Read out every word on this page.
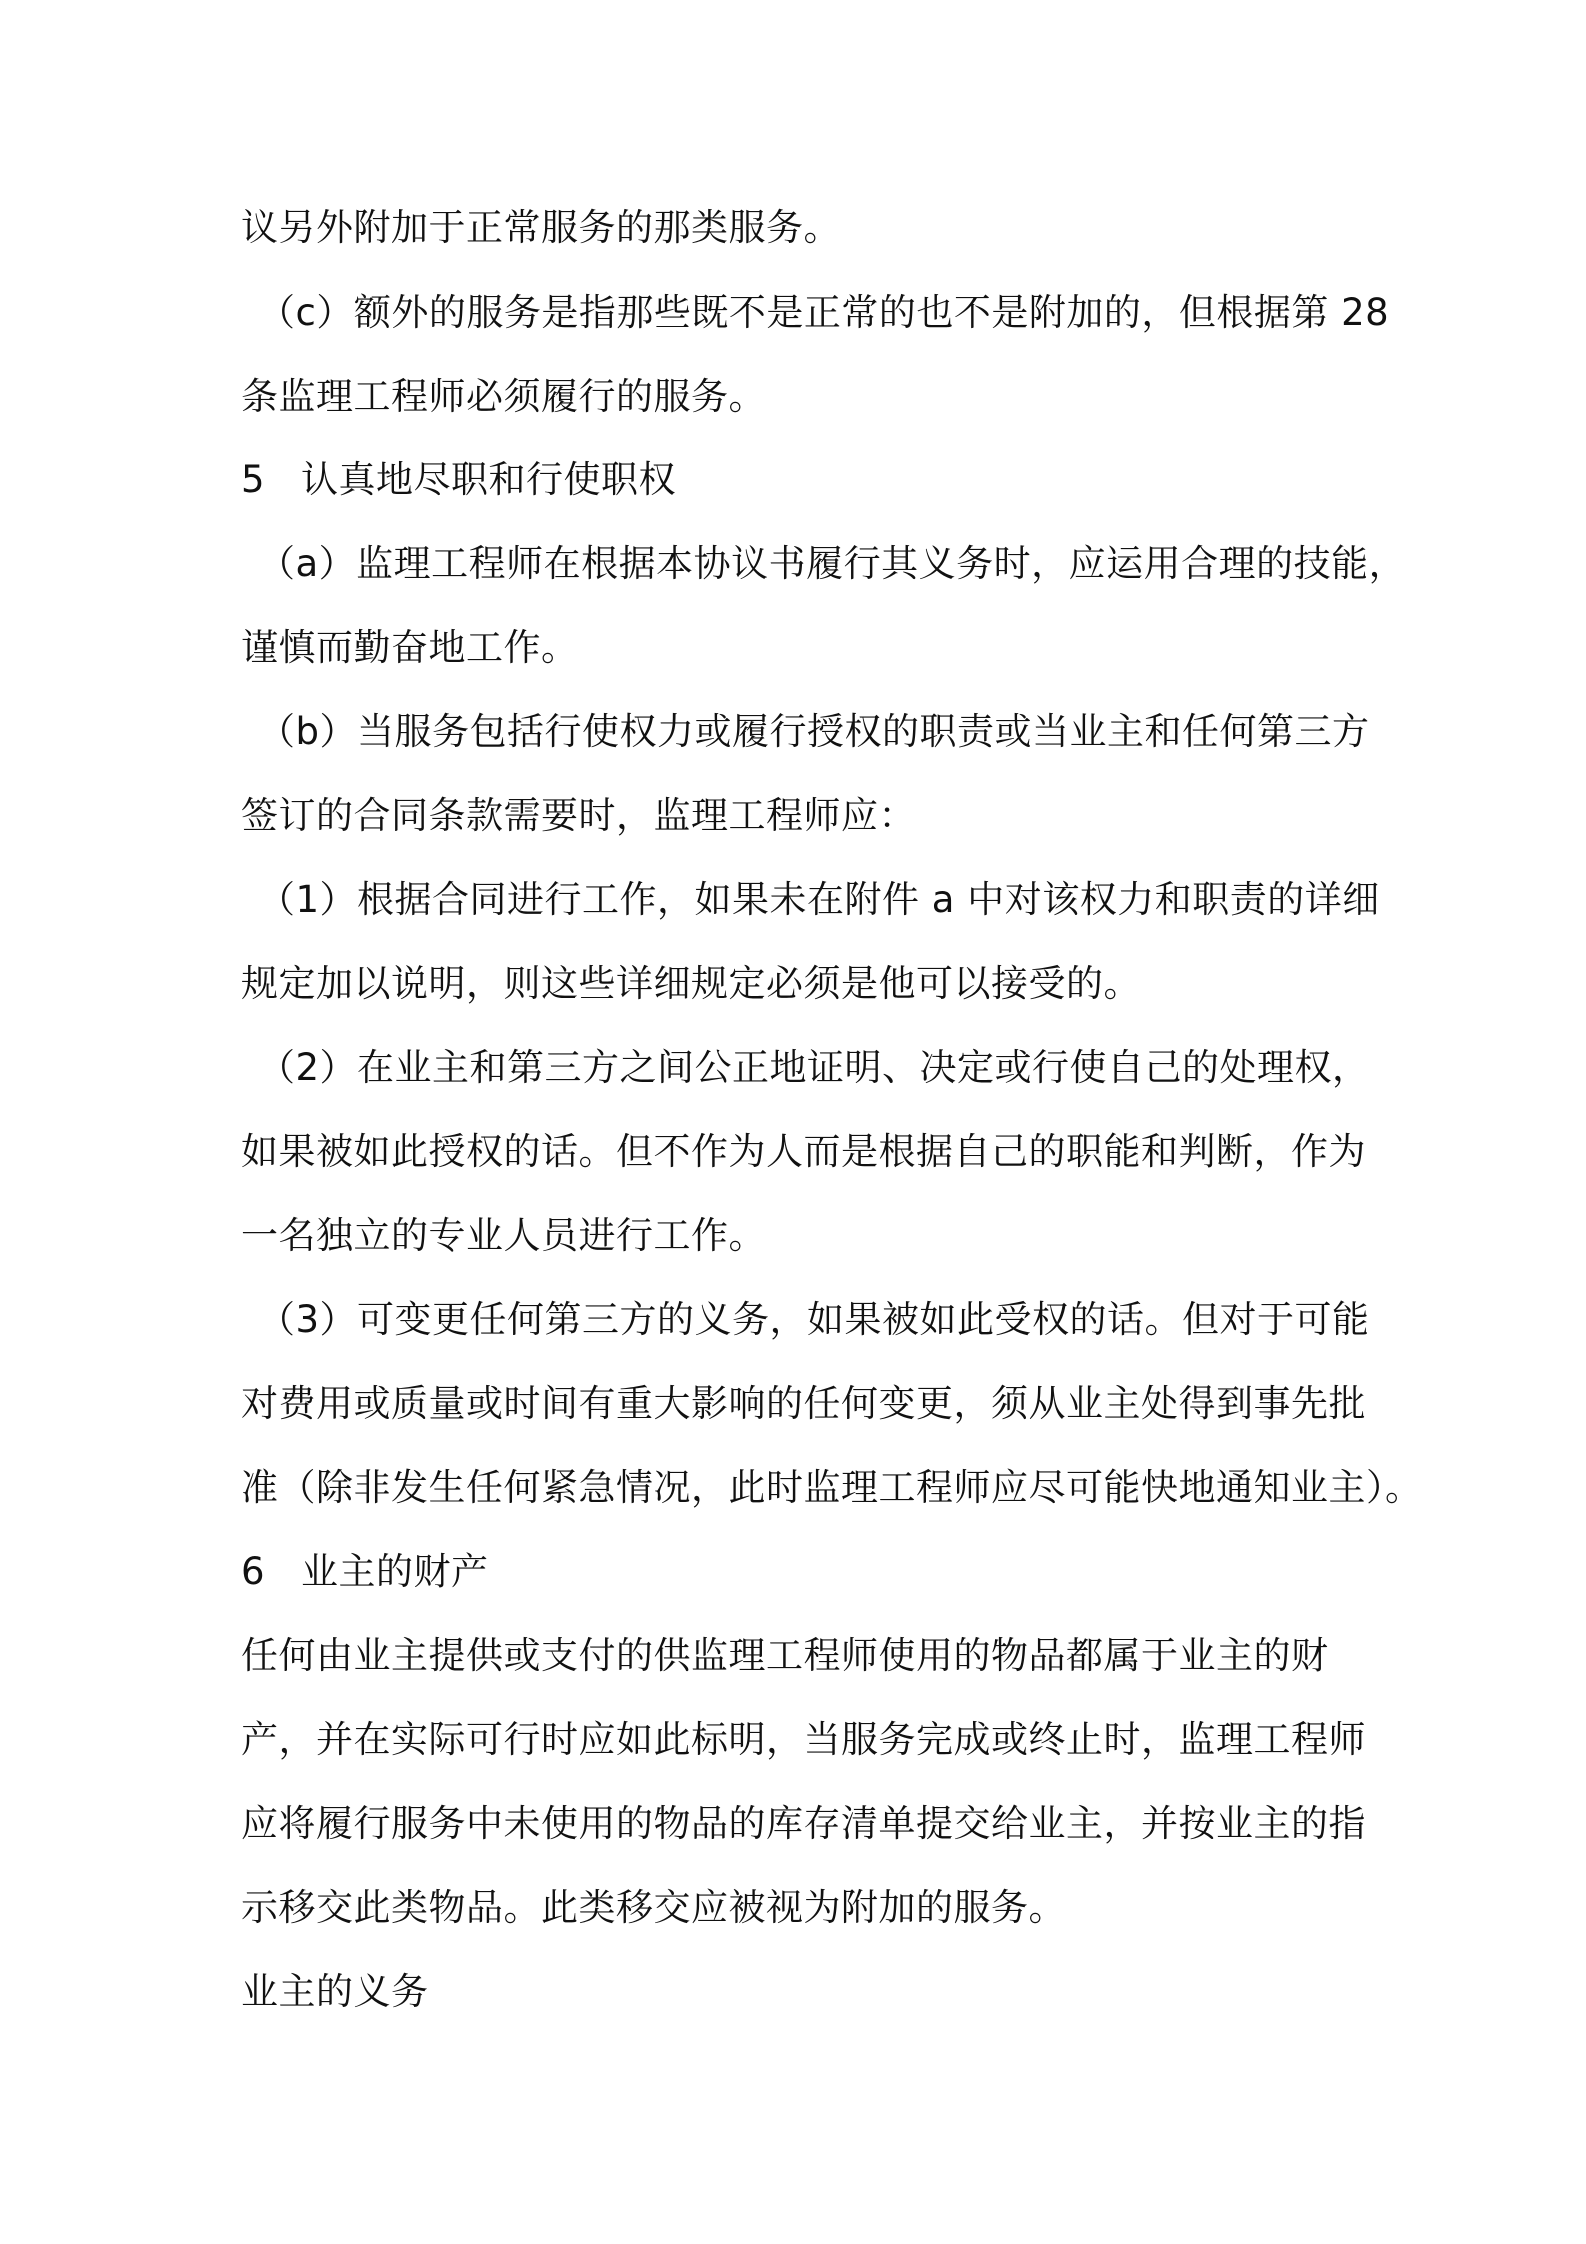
议另外附加于正常服务的那类服务。
（c）额外的服务是指那些既不是正常的也不是附加的，但根据第 28
条监理工程师必须履行的服务。
5 认真地尽职和行使职权
（a）监理工程师在根据本协议书履行其义务时，应运用合理的技能，
谨慎而勤奋地工作。
（b）当服务包括行使权力或履行授权的职责或当业主和任何第三方
签订的合同条款需要时，监理工程师应：
（1）根据合同进行工作，如果未在附件 a 中对该权力和职责的详细
规定加以说明，则这些详细规定必须是他可以接受的。
（2）在业主和第三方之间公正地证明、决定或行使自己的处理权，
如果被如此授权的话。但不作为人而是根据自己的职能和判断，作为
一名独立的专业人员进行工作。
（3）可变更任何第三方的义务，如果被如此受权的话。但对于可能
对费用或质量或时间有重大影响的任何变更，须从业主处得到事先批
准（除非发生任何紧急情况，此时监理工程师应尽可能快地通知业主）。
6 业主的财产
任何由业主提供或支付的供监理工程师使用的物品都属于业主的财
产，并在实际可行时应如此标明，当服务完成或终止时，监理工程师
应将履行服务中未使用的物品的库存清单提交给业主，并按业主的指
示移交此类物品。此类移交应被视为附加的服务。
业主的义务
